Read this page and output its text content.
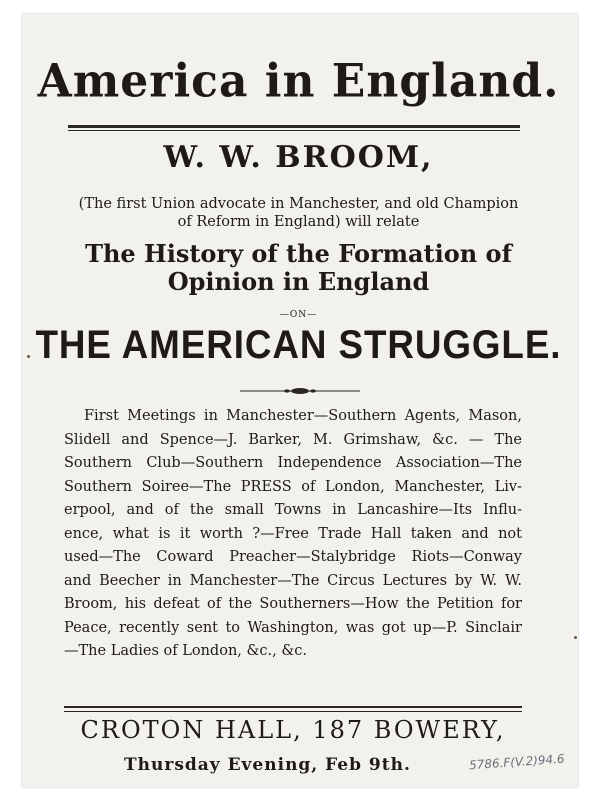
America in England.
W. W. BROOM,
(The first Union advocate in Manchester, and old Champion
of Reform in England) will relate
The History of the Formation of
Opinion in England
—ON—
THE AMERICAN STRUGGLE.
First Meetings in Manchester—Southern Agents, Mason,
Slidell and Spence—J. Barker, M. Grimshaw, &c. — The
Southern Club—Southern Independence Association—The
Southern Soiree—The PRESS of London, Manchester, Liv-
erpool, and of the small Towns in Lancashire—Its Influ-
ence, what is it worth ?—Free Trade Hall taken and not
used—The Coward Preacher—Stalybridge Riots—Conway
and Beecher in Manchester—The Circus Lectures by W. W.
Broom, his defeat of the Southerners—How the Petition for
Peace, recently sent to Washington, was got up—P. Sinclair
—The Ladies of London, &c., &c.
CROTON HALL, 187 BOWERY,
Thursday Evening, Feb 9th.	5786.F(V.2)94.6
